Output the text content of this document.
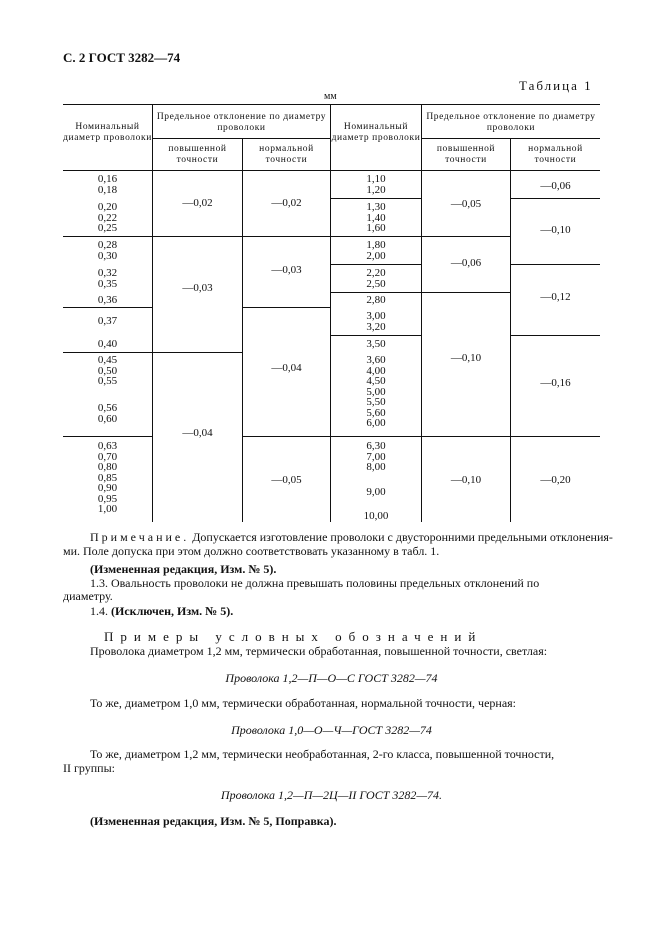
С. 2 ГОСТ 3282—74
Таблица 1
мм
Номинальный диаметр проволоки
Предельное отклонение по диаметру проволоки
повышенной точности
нормальной точности
Номинальный диаметр проволоки
Предельное отклонение по диаметру проволоки
повышенной точности
нормальной точности
0,16
0,18
0,20
0,22
0,25
0,28
0,30
0,32
0,35
0,36
0,37
0,40
0,45
0,50
0,55
0,56
0,60
0,63
0,70
0,80
0,85
0,90
0,95
1,00
—0,02
—0,03
—0,04
—0,02
—0,03
—0,04
—0,05
1,10
1,20
1,30
1,40
1,60
1,80
2,00
2,20
2,50
2,80
3,00
3,20
3,50
3,60
4,00
4,50
5,00
5,50
5,60
6,00
6,30
7,00
8,00
9,00
10,00
—0,05
—0,06
—0,10
—0,10
—0,06
—0,10
—0,12
—0,16
—0,20
Примечание. Допускается изготовление проволоки с двусторонними предельными отклонения-
ми. Поле допуска при этом должно соответствовать указанному в табл. 1.
(Измененная редакция, Изм. № 5).
1.3. Овальность проволоки не должна превышать половины предельных отклонений по
диаметру.
1.4. (Исключен, Изм. № 5).
Примеры условных обозначений
Проволока диаметром 1,2 мм, термически обработанная, повышенной точности, светлая:
Проволока 1,2—П—О—С ГОСТ 3282—74
То же, диаметром 1,0 мм, термически обработанная, нормальной точности, черная:
Проволока 1,0—О—Ч—ГОСТ 3282—74
То же, диаметром 1,2 мм, термически необработанная, 2-го класса, повышенной точности,
II группы:
Проволока 1,2—П—2Ц—II ГОСТ 3282—74.
(Измененная редакция, Изм. № 5, Поправка).
